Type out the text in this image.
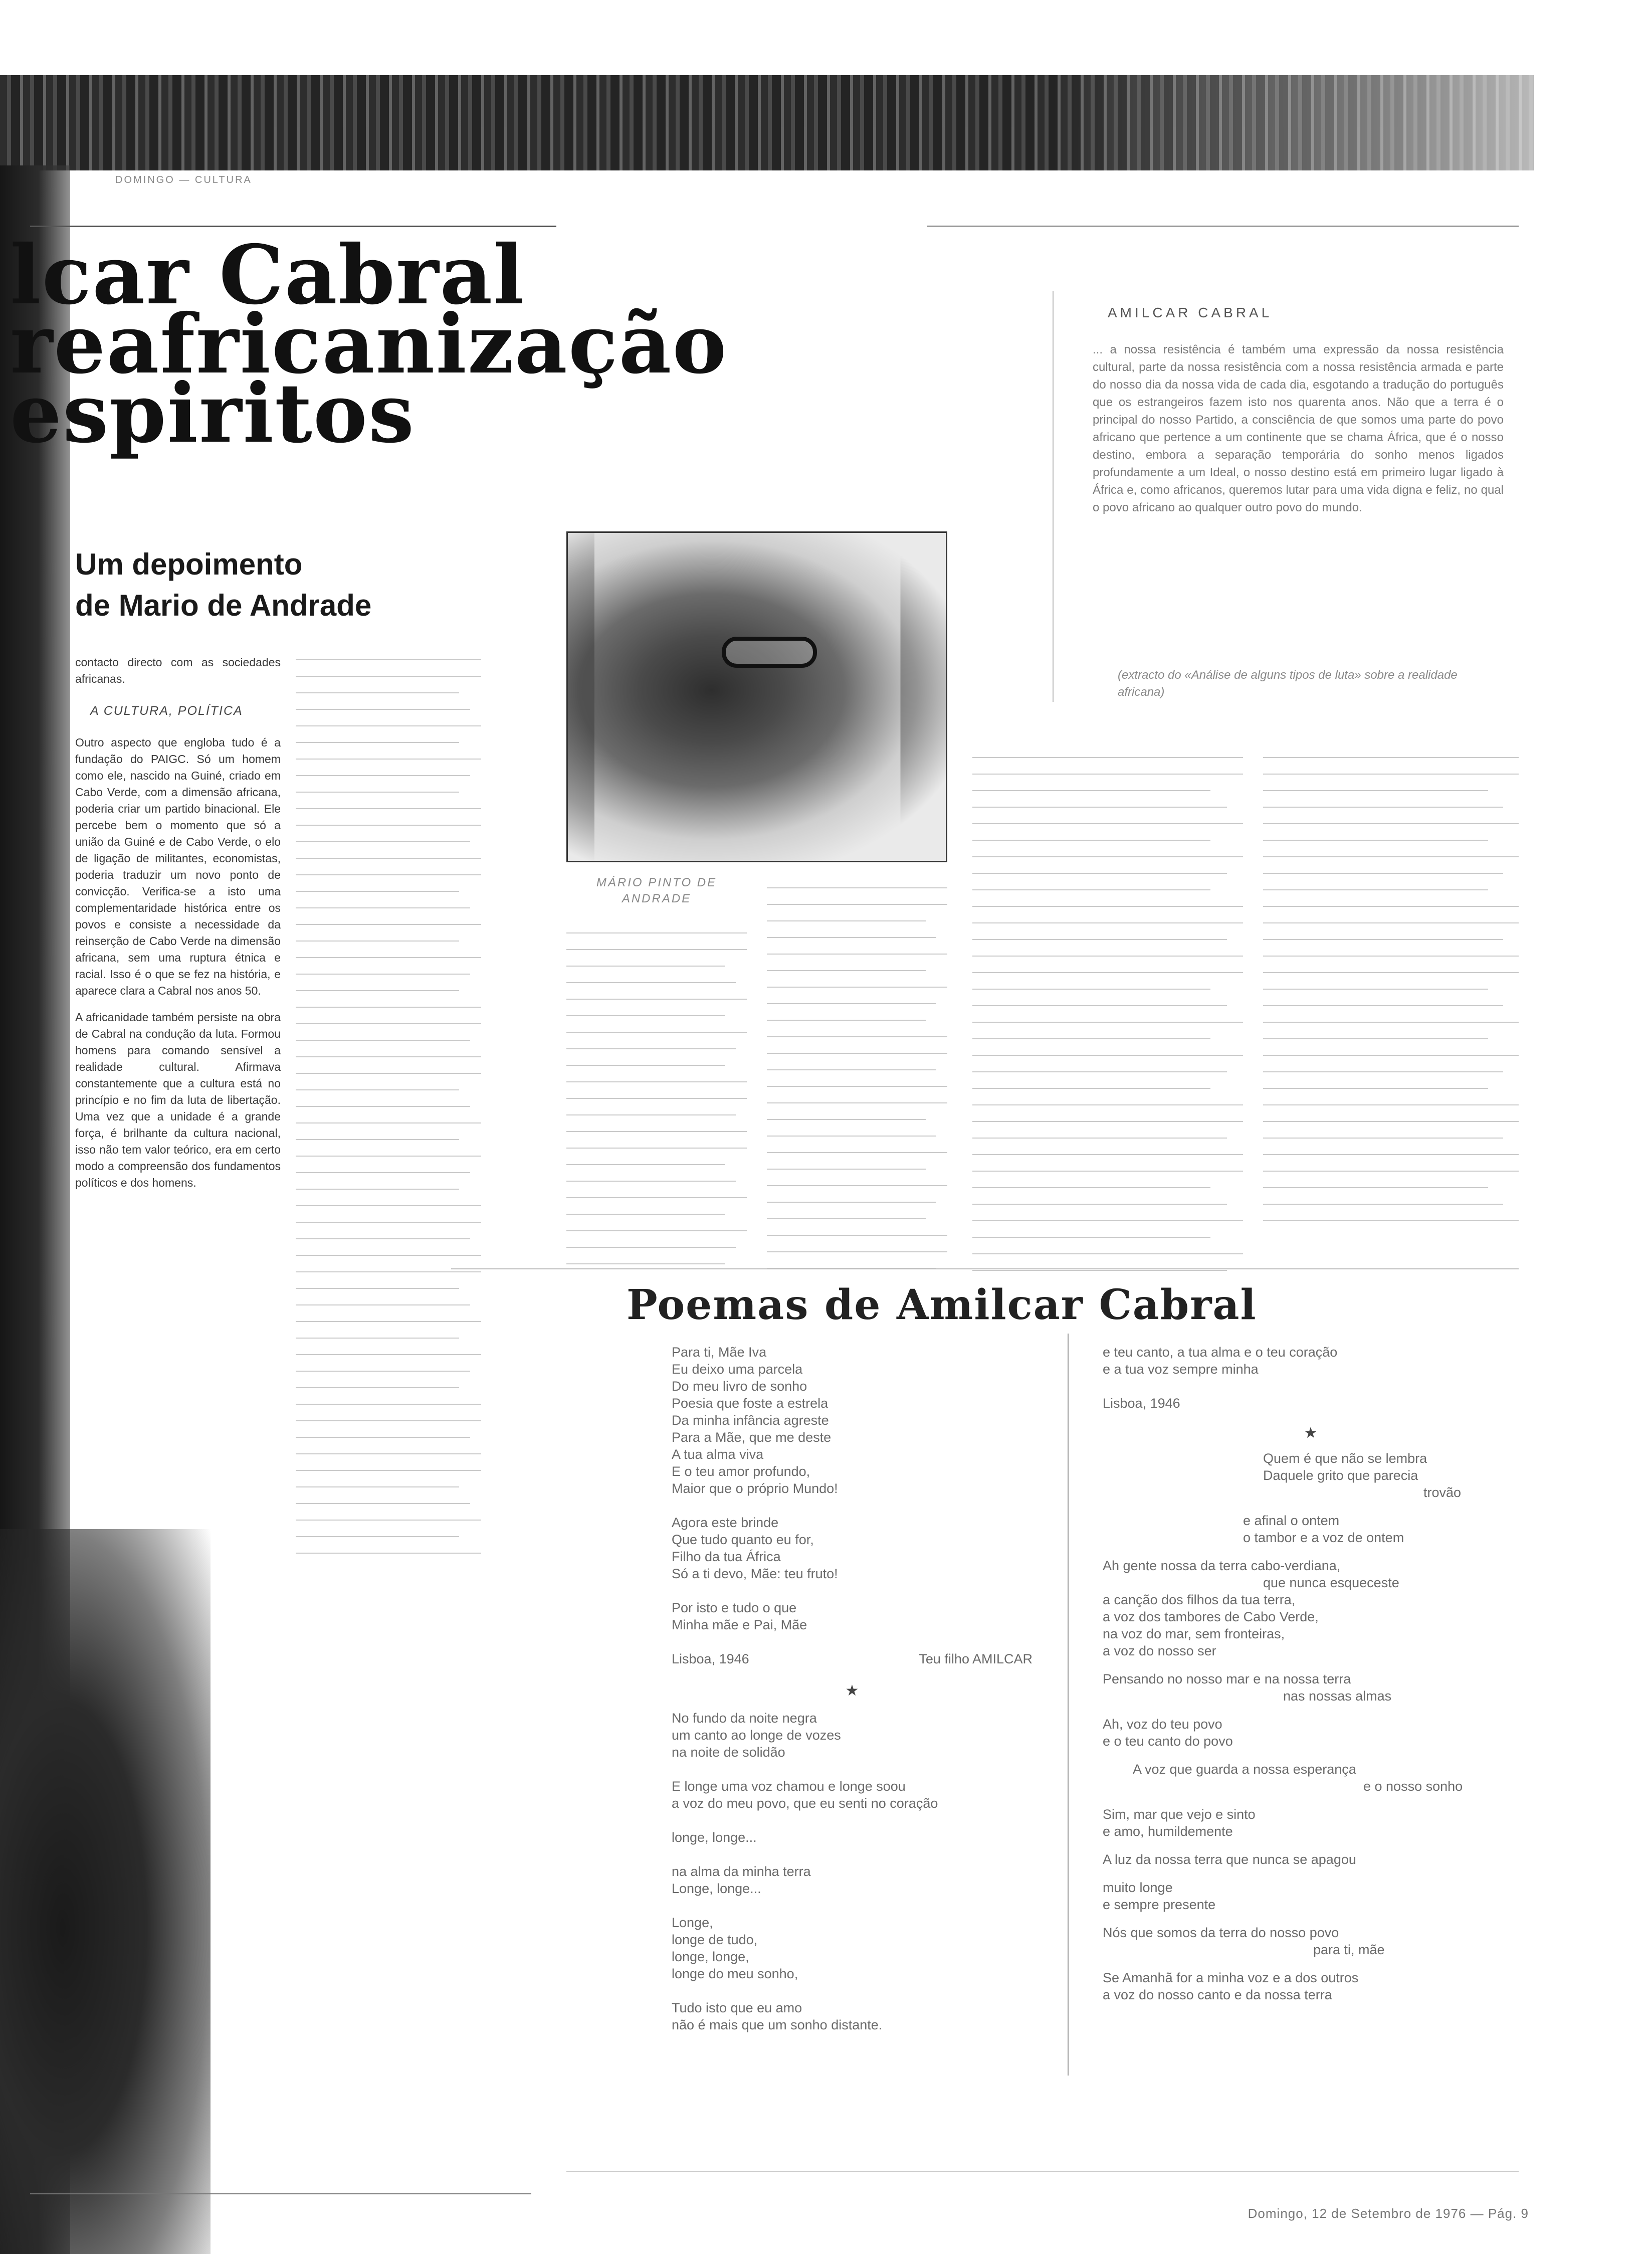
DOMINGO — CULTURA
lcar Cabral
reafricanização
espiritos
Um depoimento
de Mario de Andrade
contacto directo com as sociedades africanas.
A CULTURA, POLÍTICA
Outro aspecto que engloba tudo é a fundação do PAIGC. Só um homem como ele, nascido na Guiné, criado em Cabo Verde, com a dimensão africana, poderia criar um partido binacional. Ele percebe bem o momento que só a união da Guiné e de Cabo Verde, o elo de ligação de militantes, economistas, poderia traduzir um novo ponto de convicção. Verifica-se a isto uma complementaridade histórica entre os povos e consiste a necessidade da reinserção de Cabo Verde na dimensão africana, sem uma ruptura étnica e racial. Isso é o que se fez na história, e aparece clara a Cabral nos anos 50.
A africanidade também persiste na obra de Cabral na condução da luta. Formou homens para comando sensível a realidade cultural. Afirmava constantemente que a cultura está no princípio e no fim da luta de libertação. Uma vez que a unidade é a grande força, é brilhante da cultura nacional, isso não tem valor teórico, era em certo modo a compreensão dos fundamentos políticos e dos homens.
MÁRIO PINTO DE ANDRADE
AMILCAR CABRAL
... a nossa resistência é também uma expressão da nossa resistência cultural, parte da nossa resistência com a nossa resistência armada e parte do nosso dia da nossa vida de cada dia, esgotando a tradução do português que os estrangeiros fazem isto nos quarenta anos. Não que a terra é o principal do nosso Partido, a consciência de que somos uma parte do povo africano que pertence a um continente que se chama África, que é o nosso destino, embora a separação temporária do sonho menos ligados profundamente a um Ideal, o nosso destino está em primeiro lugar ligado à África e, como africanos, queremos lutar para uma vida digna e feliz, no qual o povo africano ao qualquer outro povo do mundo.
(extracto do «Análise de alguns tipos de luta» sobre a realidade africana)
Poemas de Amilcar Cabral
Para ti, Mãe Iva
Eu deixo uma parcela
Do meu livro de sonho
Poesia que foste a estrela
Da minha infância agreste
Para a Mãe, que me deste
A tua alma viva
E o teu amor profundo,
Maior que o próprio Mundo!
Agora este brinde
Que tudo quanto eu for,
Filho da tua África
Só a ti devo, Mãe: teu fruto!
Por isto e tudo o que
Minha mãe e Pai, Mãe
Lisboa, 1946	Teu filho AMILCAR
★
No fundo da noite negra
um canto ao longe de vozes
na noite de solidão
E longe uma voz chamou e longe soou
a voz do meu povo, que eu senti no coração
longe, longe...
na alma da minha terra
Longe, longe...
Longe,
longe de tudo,
longe, longe,
longe do meu sonho,
Tudo isto que eu amo
não é mais que um sonho distante.
e teu canto, a tua alma e o teu coração
e a tua voz sempre minha
Lisboa, 1946
★
Quem é que não se lembra
Daquele grito que parecia
trovão
e afinal o ontem
o tambor e a voz de ontem
Ah gente nossa da terra cabo-verdiana,
que nunca esqueceste
a canção dos filhos da tua terra,
a voz dos tambores de Cabo Verde,
na voz do mar, sem fronteiras,
a voz do nosso ser
Pensando no nosso mar e na nossa terra
nas nossas almas
Ah, voz do teu povo
e o teu canto do povo
A voz que guarda a nossa esperança
e o nosso sonho
Sim, mar que vejo e sinto
e amo, humildemente
A luz da nossa terra que nunca se apagou
muito longe
e sempre presente
Nós que somos da terra do nosso povo
para ti, mãe
Se Amanhã for a minha voz e a dos outros
a voz do nosso canto e da nossa terra
Domingo, 12 de Setembro de 1976 — Pág. 9
